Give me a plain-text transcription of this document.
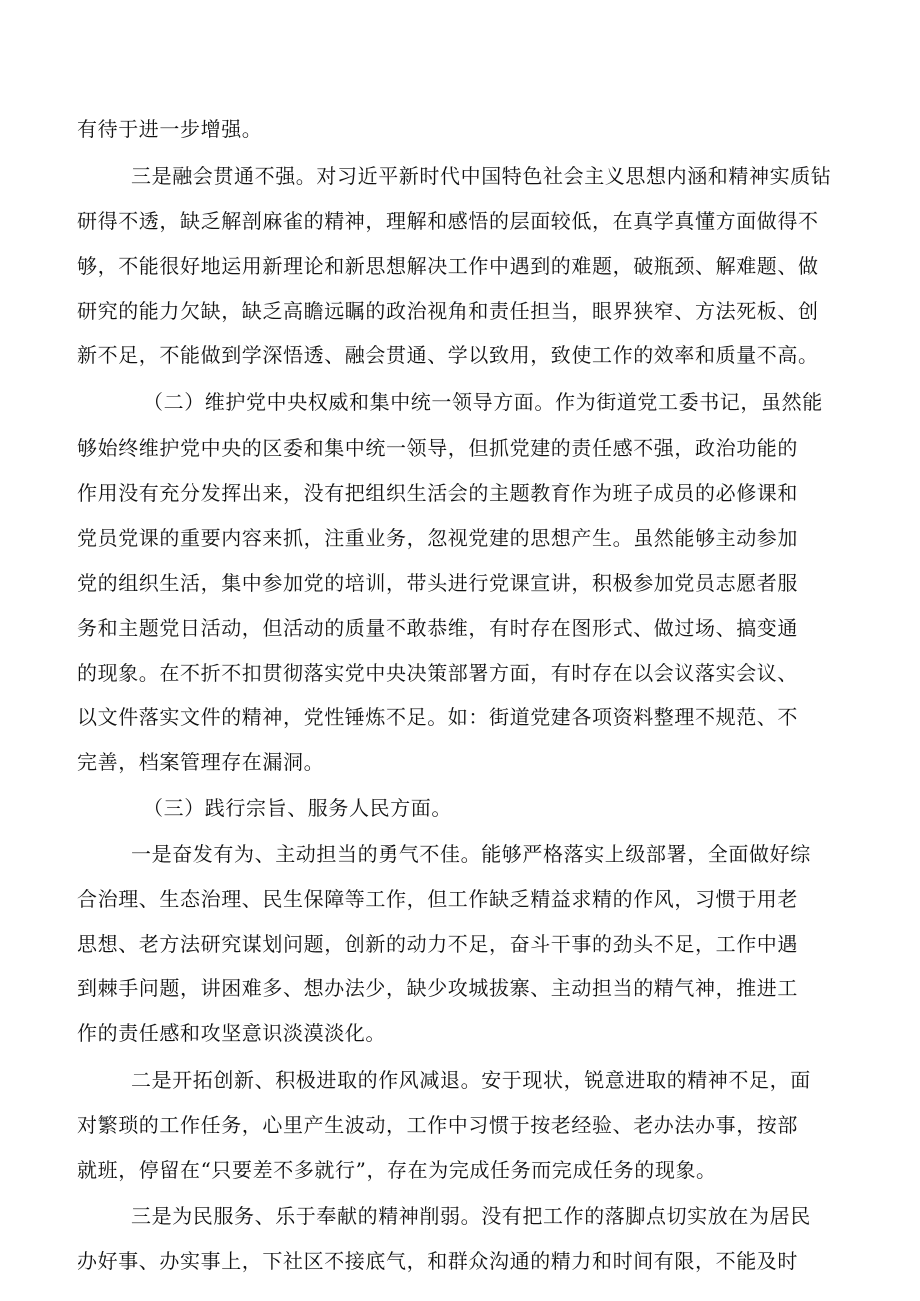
有待于进一步增强。
三是融会贯通不强。对习近平新时代中国特色社会主义思想内涵和精神实质钻
研得不透，缺乏解剖麻雀的精神，理解和感悟的层面较低，在真学真懂方面做得不
够，不能很好地运用新理论和新思想解决工作中遇到的难题，破瓶颈、解难题、做
研究的能力欠缺，缺乏高瞻远瞩的政治视角和责任担当，眼界狭窄、方法死板、创
新不足，不能做到学深悟透、融会贯通、学以致用，致使工作的效率和质量不高。
（二）维护党中央权威和集中统一领导方面。作为街道党工委书记，虽然能
够始终维护党中央的区委和集中统一领导，但抓党建的责任感不强，政治功能的
作用没有充分发挥出来，没有把组织生活会的主题教育作为班子成员的必修课和
党员党课的重要内容来抓，注重业务，忽视党建的思想产生。虽然能够主动参加
党的组织生活，集中参加党的培训，带头进行党课宣讲，积极参加党员志愿者服
务和主题党日活动，但活动的质量不敢恭维，有时存在图形式、做过场、搞变通
的现象。在不折不扣贯彻落实党中央决策部署方面，有时存在以会议落实会议、
以文件落实文件的精神，党性锤炼不足。如：街道党建各项资料整理不规范、不
完善，档案管理存在漏洞。
（三）践行宗旨、服务人民方面。
一是奋发有为、主动担当的勇气不佳。能够严格落实上级部署，全面做好综
合治理、生态治理、民生保障等工作，但工作缺乏精益求精的作风，习惯于用老
思想、老方法研究谋划问题，创新的动力不足，奋斗干事的劲头不足，工作中遇
到棘手问题，讲困难多、想办法少，缺少攻城拔寨、主动担当的精气神，推进工
作的责任感和攻坚意识淡漠淡化。
二是开拓创新、积极进取的作风减退。安于现状，锐意进取的精神不足，面
对繁琐的工作任务，心里产生波动，工作中习惯于按老经验、老办法办事，按部
就班，停留在“只要差不多就行”，存在为完成任务而完成任务的现象。
三是为民服务、乐于奉献的精神削弱。没有把工作的落脚点切实放在为居民
办好事、办实事上，下社区不接底气，和群众沟通的精力和时间有限，不能及时
